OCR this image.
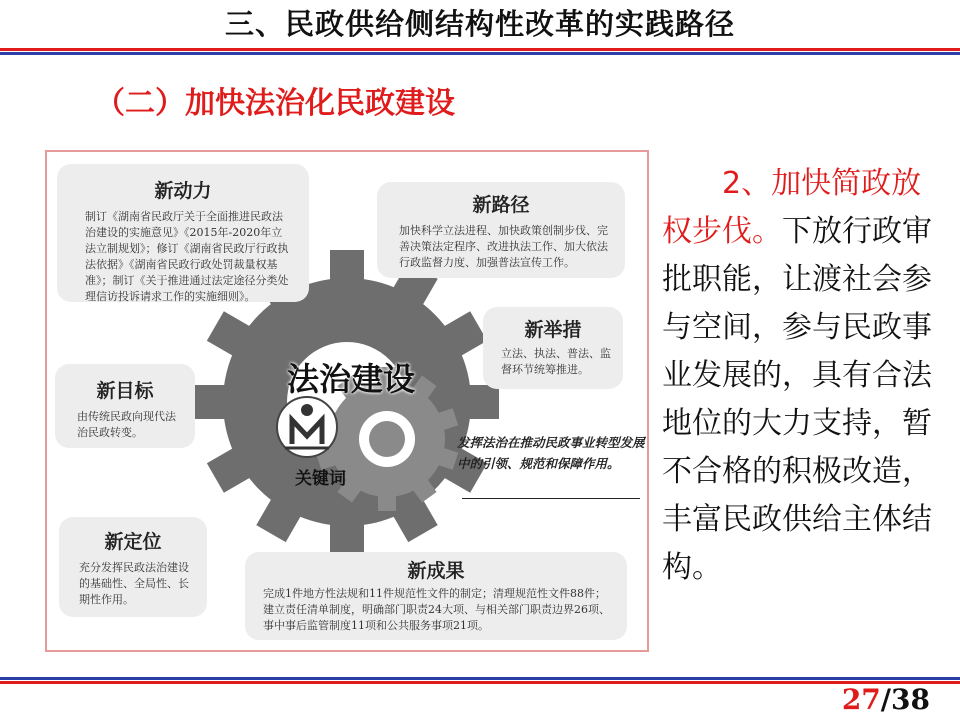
三、民政供给侧结构性改革的实践路径
（二）加快法治化民政建设
法治建设
关键词
新动力

制订《湖南省民政厅关于全面推进民政法治建设的实施意见》《2015年-2020年立法立制规划》；修订《湖南省民政厅行政执法依据》《湖南省民政行政处罚裁量权基准》；制订《关于推进通过法定途径分类处理信访投诉请求工作的实施细则》。

新路径

加快科学立法进程、加快政策创制步伐、完善决策法定程序、改进执法工作、加大依法行政监督力度、加强普法宣传工作。

新举措

立法、执法、普法、监督环节统筹推进。

新目标

由传统民政向现代法治民政转变。

新定位

充分发挥民政法治建设的基础性、全局性、长期性作用。

新成果

完成1件地方性法规和11件规范性文件的制定；清理规范性文件88件；建立责任清单制度，明确部门职责24大项、与相关部门职责边界26项、事中事后监管制度11项和公共服务事项21项。

发挥法治在推动民政事业转型发展中的引领、规范和保障作用。
2、加快简政放权步伐。下放行政审批职能，让渡社会参与空间，参与民政事业发展的，具有合法地位的大力支持，暂不合格的积极改造，丰富民政供给主体结构。
27/38
